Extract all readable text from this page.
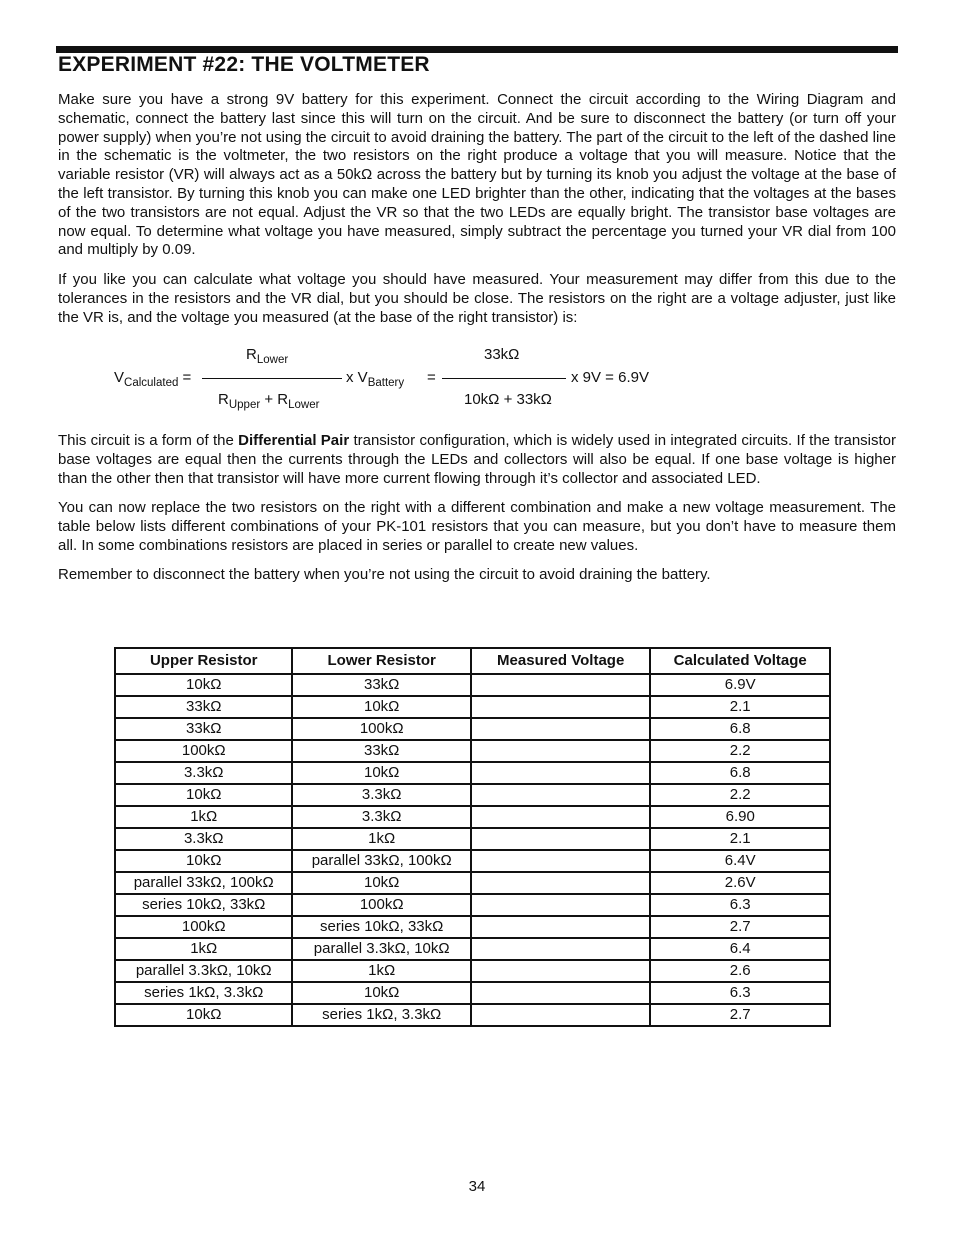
EXPERIMENT #22: THE VOLTMETER
Make sure you have a strong 9V battery for this experiment. Connect the circuit according to the Wiring Diagram and schematic, connect the battery last since this will turn on the circuit. And be sure to disconnect the battery (or turn off your power supply) when you’re not using the circuit to avoid draining the battery. The part of the circuit to the left of the dashed line in the schematic is the voltmeter, the two resistors on the right produce a voltage that you will measure. Notice that the variable resistor (VR) will always act as a 50kΩ across the battery but by turning its knob you adjust the voltage at the base of the left transistor. By turning this knob you can make one LED brighter than the other, indicating that the voltages at the bases of the two transistors are not equal. Adjust the VR so that the two LEDs are equally bright. The transistor base voltages are now equal. To determine what voltage you have measured, simply subtract the percentage you turned your VR dial from 100 and multiply by 0.09.
If you like you can calculate what voltage you should have measured. Your measurement may differ from this due to the tolerances in the resistors and the VR dial, but you should be close. The resistors on the right are a voltage adjuster, just like the VR is, and the voltage you measured (at the base of the right transistor) is:
$V_{Calculated}$ =
$R_{Lower}$
$R_{Upper} + R_{Lower}$
x $V_{Battery}$ =
33kΩ
10kΩ + 33kΩ
x 9V = 6.9V
This circuit is a form of the Differential Pair transistor configuration, which is widely used in integrated circuits. If the transistor base voltages are equal then the currents through the LEDs and collectors will also be equal. If one base voltage is higher than the other then that transistor will have more current flowing through it’s collector and associated LED.
You can now replace the two resistors on the right with a different combination and make a new voltage measurement. The table below lists different combinations of your PK-101 resistors that you can measure, but you don’t have to measure them all. In some combinations resistors are placed in series or parallel to create new values.
Remember to disconnect the battery when you’re not using the circuit to avoid draining the battery.
Upper Resistor	Lower Resistor	Measured Voltage	Calculated Voltage
10kΩ	33kΩ		6.9V
33kΩ	10kΩ		2.1
33kΩ	100kΩ		6.8
100kΩ	33kΩ		2.2
3.3kΩ	10kΩ		6.8
10kΩ	3.3kΩ		2.2
1kΩ	3.3kΩ		6.90
3.3kΩ	1kΩ		2.1
10kΩ	parallel 33kΩ, 100kΩ		6.4V
parallel 33kΩ, 100kΩ	10kΩ		2.6V
series 10kΩ, 33kΩ	100kΩ		6.3
100kΩ	series 10kΩ, 33kΩ		2.7
1kΩ	parallel 3.3kΩ, 10kΩ		6.4
parallel 3.3kΩ, 10kΩ	1kΩ		2.6
series 1kΩ, 3.3kΩ	10kΩ		6.3
10kΩ	series 1kΩ, 3.3kΩ		2.7
34
